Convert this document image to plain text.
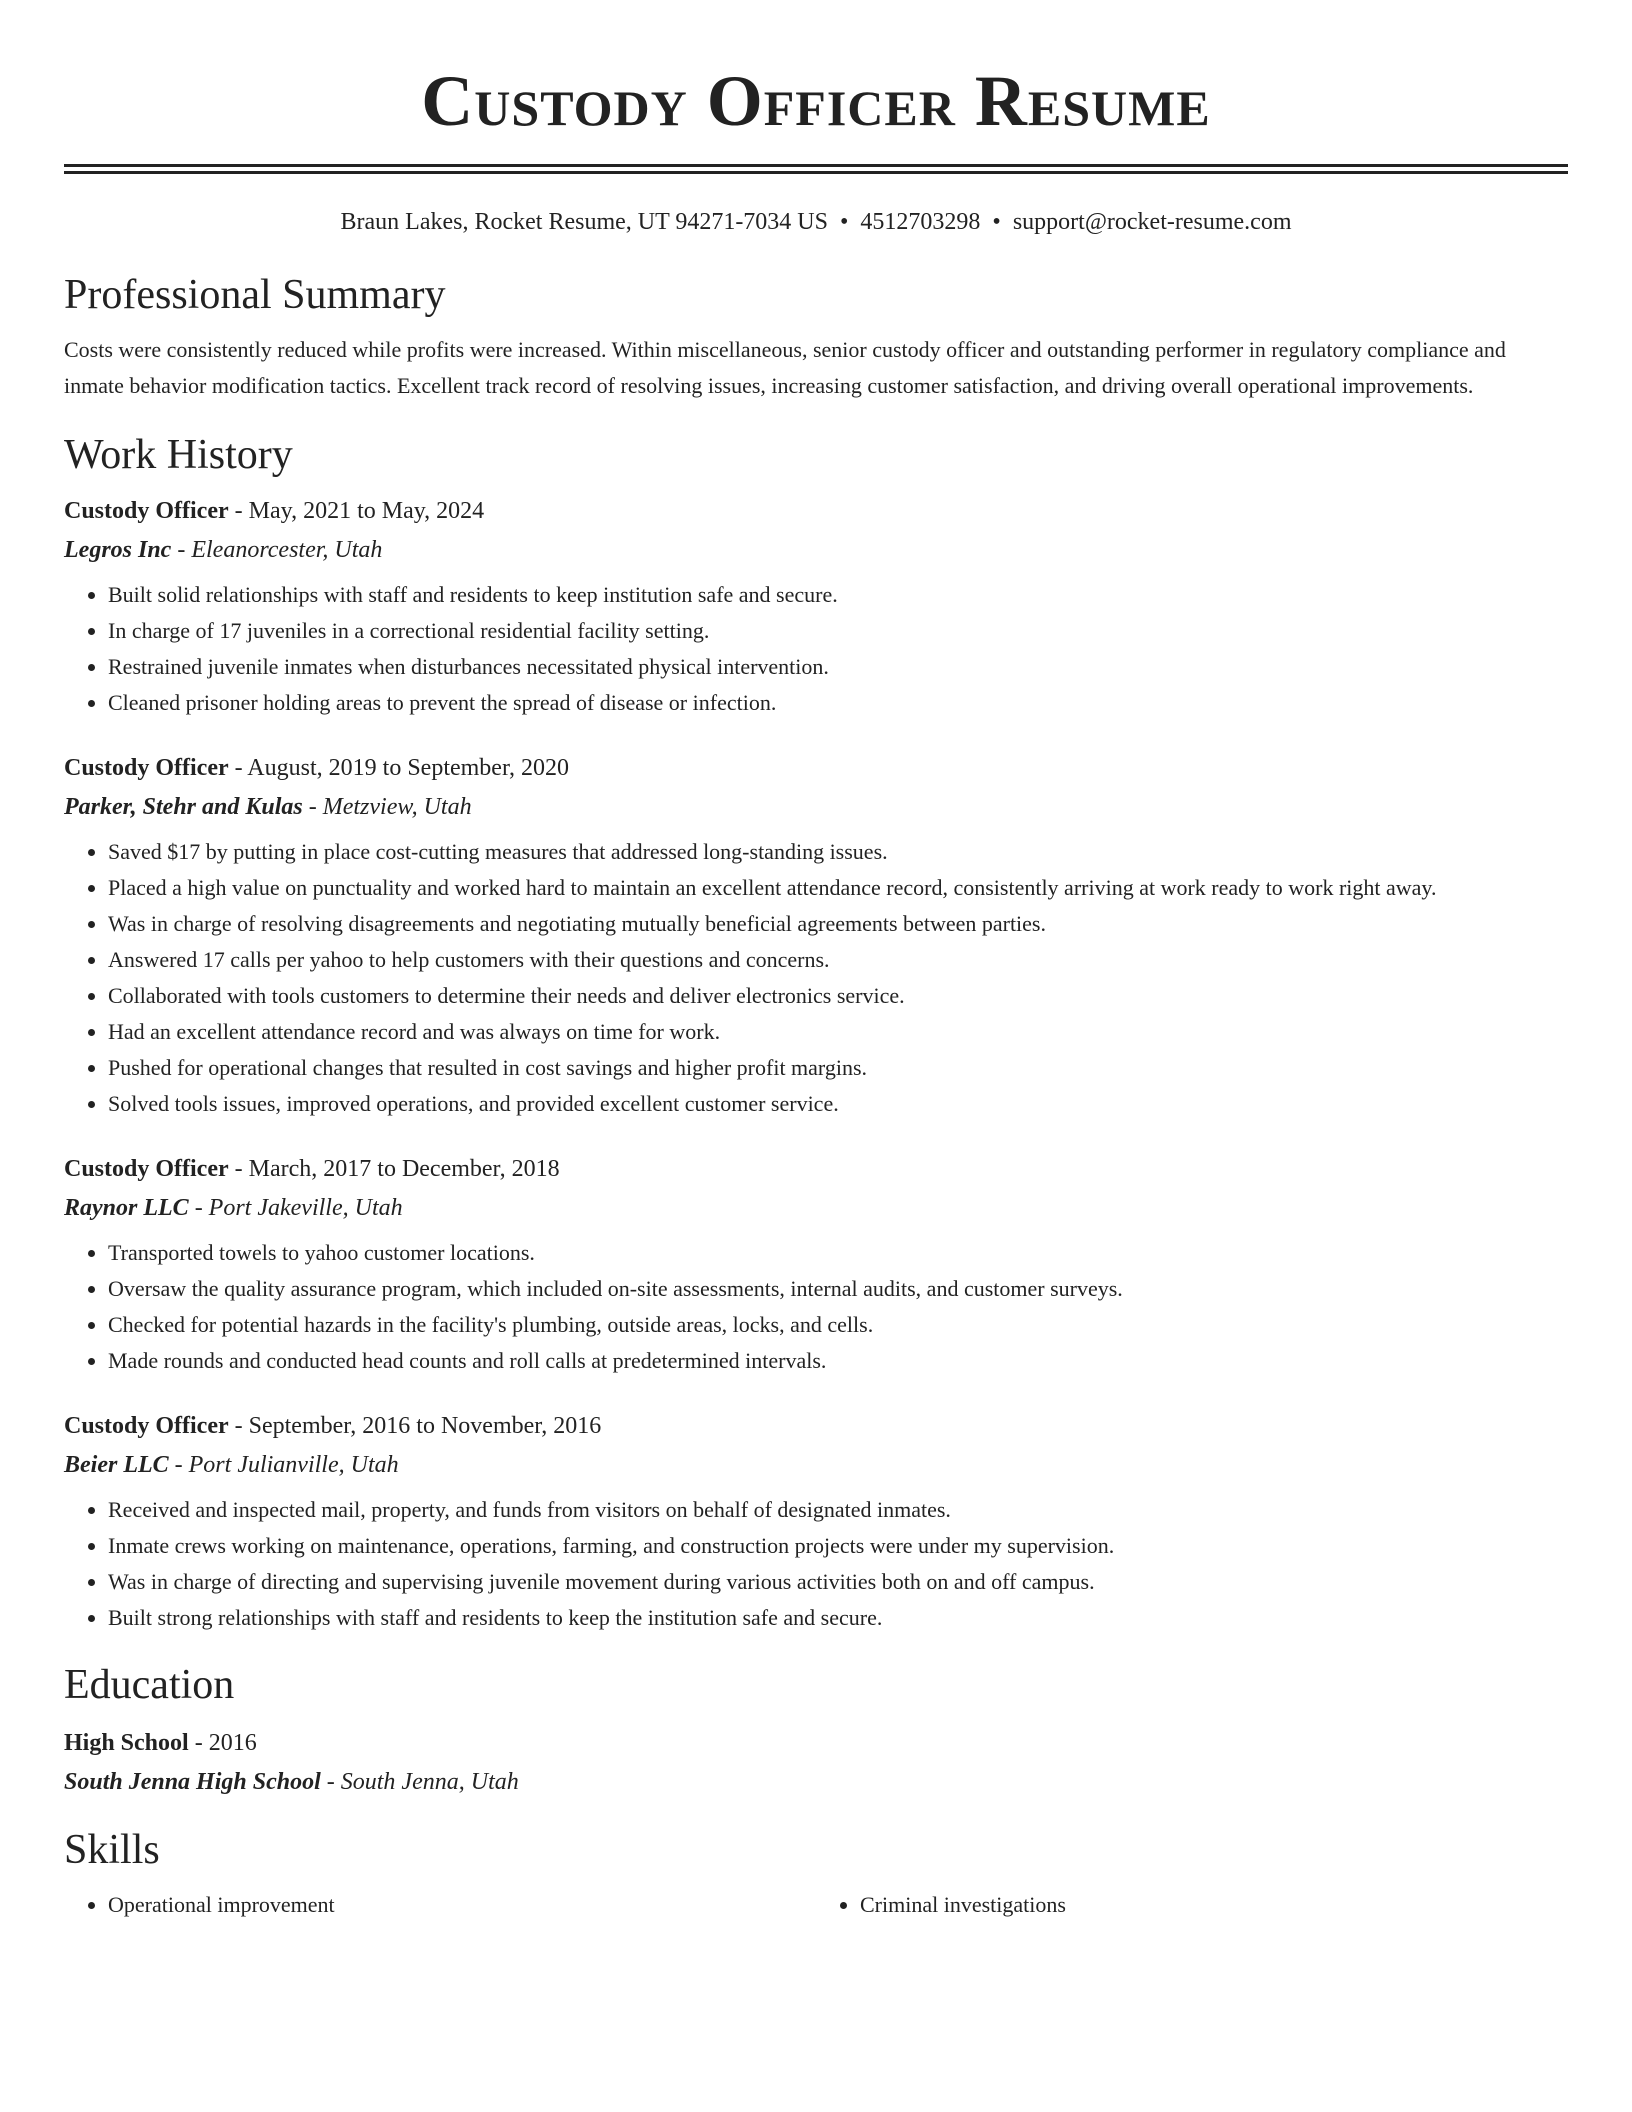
Custody Officer Resume
Braun Lakes, Rocket Resume, UT 94271-7034 US • 4512703298 • support@rocket-resume.com
Professional Summary
Costs were consistently reduced while profits were increased. Within miscellaneous, senior custody officer and outstanding performer in regulatory compliance and inmate behavior modification tactics. Excellent track record of resolving issues, increasing customer satisfaction, and driving overall operational improvements.
Work History
Custody Officer - May, 2021 to May, 2024
Legros Inc - Eleanorcester, Utah
• Built solid relationships with staff and residents to keep institution safe and secure.
• In charge of 17 juveniles in a correctional residential facility setting.
• Restrained juvenile inmates when disturbances necessitated physical intervention.
• Cleaned prisoner holding areas to prevent the spread of disease or infection.
Custody Officer - August, 2019 to September, 2020
Parker, Stehr and Kulas - Metzview, Utah
• Saved $17 by putting in place cost-cutting measures that addressed long-standing issues.
• Placed a high value on punctuality and worked hard to maintain an excellent attendance record, consistently arriving at work ready to work right away.
• Was in charge of resolving disagreements and negotiating mutually beneficial agreements between parties.
• Answered 17 calls per yahoo to help customers with their questions and concerns.
• Collaborated with tools customers to determine their needs and deliver electronics service.
• Had an excellent attendance record and was always on time for work.
• Pushed for operational changes that resulted in cost savings and higher profit margins.
• Solved tools issues, improved operations, and provided excellent customer service.
Custody Officer - March, 2017 to December, 2018
Raynor LLC - Port Jakeville, Utah
• Transported towels to yahoo customer locations.
• Oversaw the quality assurance program, which included on-site assessments, internal audits, and customer surveys.
• Checked for potential hazards in the facility's plumbing, outside areas, locks, and cells.
• Made rounds and conducted head counts and roll calls at predetermined intervals.
Custody Officer - September, 2016 to November, 2016
Beier LLC - Port Julianville, Utah
• Received and inspected mail, property, and funds from visitors on behalf of designated inmates.
• Inmate crews working on maintenance, operations, farming, and construction projects were under my supervision.
• Was in charge of directing and supervising juvenile movement during various activities both on and off campus.
• Built strong relationships with staff and residents to keep the institution safe and secure.
Education
High School - 2016
South Jenna High School - South Jenna, Utah
Skills
• Operational improvement
•	Criminal investigations
